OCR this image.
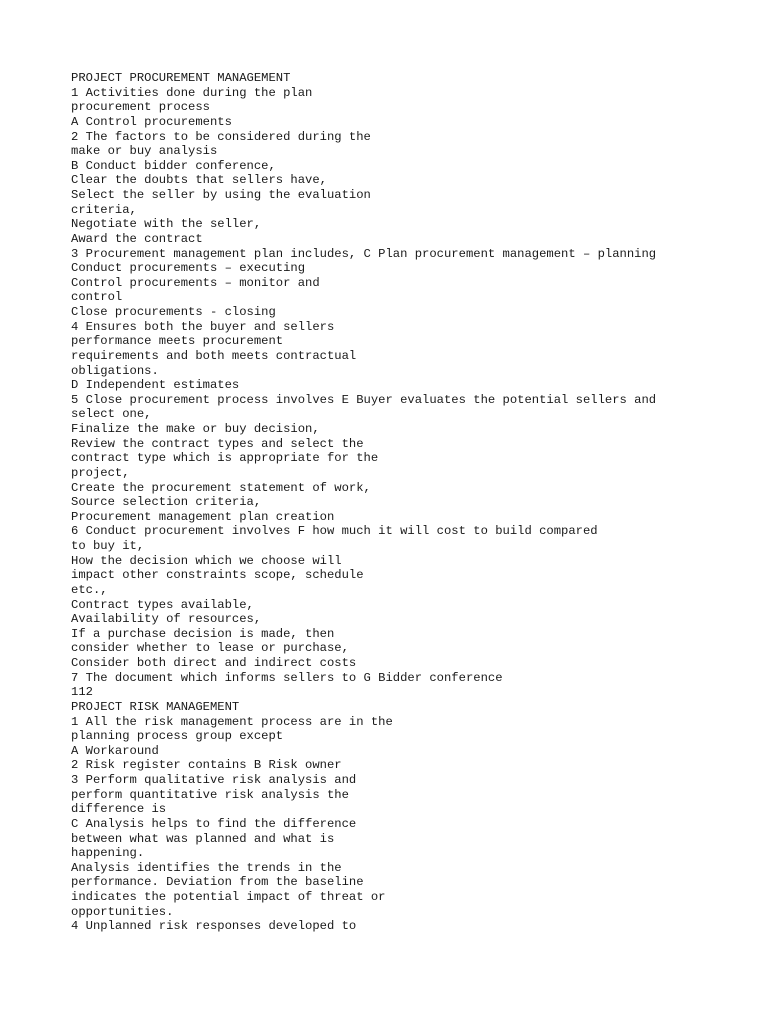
PROJECT PROCUREMENT MANAGEMENT
1 Activities done during the plan
procurement process
A Control procurements
2 The factors to be considered during the
make or buy analysis
B Conduct bidder conference,
Clear the doubts that sellers have,
Select the seller by using the evaluation
criteria,
Negotiate with the seller,
Award the contract
3 Procurement management plan includes, C Plan procurement management – planning
Conduct procurements – executing
Control procurements – monitor and
control
Close procurements - closing
4 Ensures both the buyer and sellers
performance meets procurement
requirements and both meets contractual
obligations.
D Independent estimates
5 Close procurement process involves E Buyer evaluates the potential sellers and
select one,
Finalize the make or buy decision,
Review the contract types and select the
contract type which is appropriate for the
project,
Create the procurement statement of work,
Source selection criteria,
Procurement management plan creation
6 Conduct procurement involves F how much it will cost to build compared
to buy it,
How the decision which we choose will
impact other constraints scope, schedule
etc.,
Contract types available,
Availability of resources,
If a purchase decision is made, then
consider whether to lease or purchase,
Consider both direct and indirect costs
7 The document which informs sellers to G Bidder conference
112
PROJECT RISK MANAGEMENT
1 All the risk management process are in the
planning process group except
A Workaround
2 Risk register contains B Risk owner
3 Perform qualitative risk analysis and
perform quantitative risk analysis the
difference is
C Analysis helps to find the difference
between what was planned and what is
happening.
Analysis identifies the trends in the
performance. Deviation from the baseline
indicates the potential impact of threat or
opportunities.
4 Unplanned risk responses developed to
